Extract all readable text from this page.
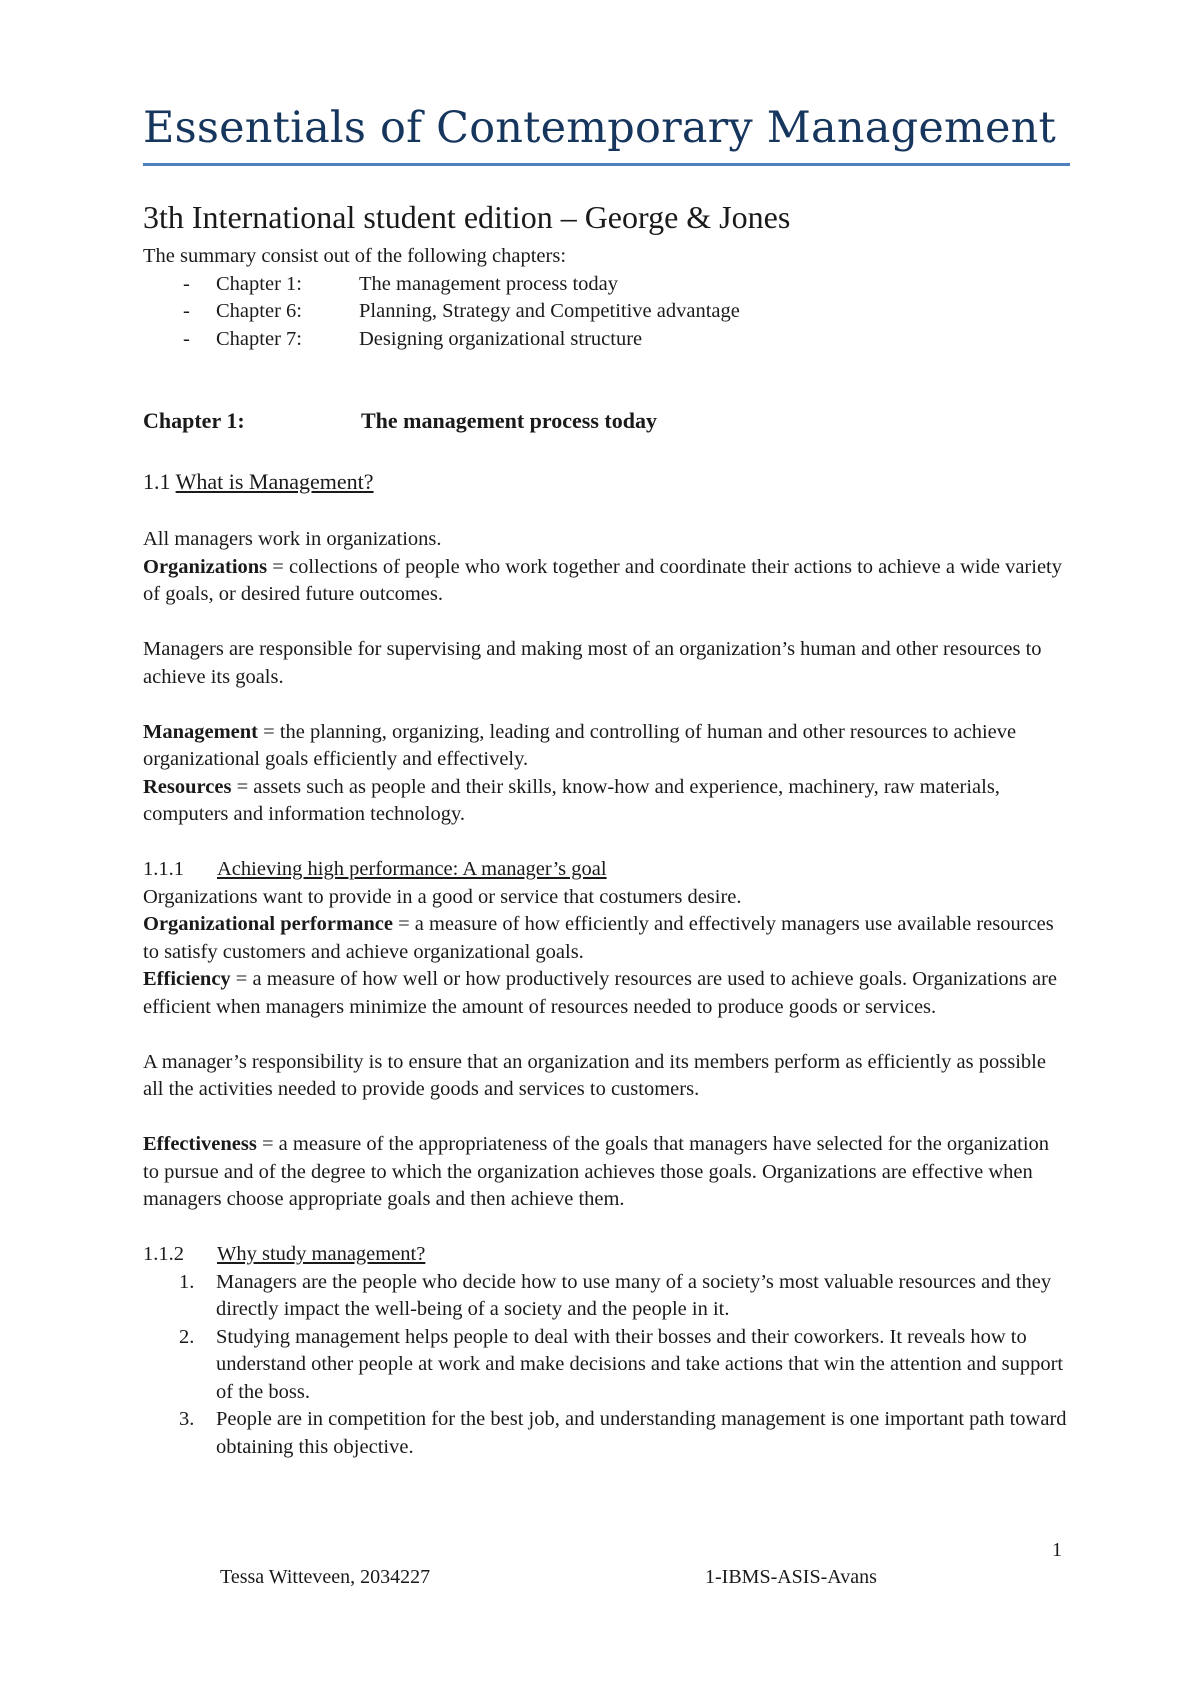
Essentials of Contemporary Management
3th International student edition – George & Jones

The summary consist out of the following chapters:

- Chapter 1:	The management process today
- Chapter 6:	Planning, Strategy and Competitive advantage
- Chapter 7:	Designing organizational structure
Chapter 1:	The management process today
1.1 What is Management?

All managers work in organizations.

Organizations = collections of people who work together and coordinate their actions to achieve a wide variety of goals, or desired future outcomes.

Managers are responsible for supervising and making most of an organization’s human and other resources to achieve its goals.

Management = the planning, organizing, leading and controlling of human and other resources to achieve organizational goals efficiently and effectively.

Resources = assets such as people and their skills, know-how and experience, machinery, raw materials, computers and information technology.

1.1.1 Achieving high performance: A manager’s goal

Organizations want to provide in a good or service that costumers desire.

Organizational performance = a measure of how efficiently and effectively managers use available resources to satisfy customers and achieve organizational goals.

Efficiency = a measure of how well or how productively resources are used to achieve goals. Organizations are efficient when managers minimize the amount of resources needed to produce goods or services.

A manager’s responsibility is to ensure that an organization and its members perform as efficiently as possible all the activities needed to provide goods and services to customers.

Effectiveness = a measure of the appropriateness of the goals that managers have selected for the organization to pursue and of the degree to which the organization achieves those goals. Organizations are effective when managers choose appropriate goals and then achieve them.

1.1.2 Why study management?

1. Managers are the people who decide how to use many of a society’s most valuable resources and they directly impact the well-being of a society and the people in it.
2. Studying management helps people to deal with their bosses and their coworkers. It reveals how to understand other people at work and make decisions and take actions that win the attention and support of the boss.
3. People are in competition for the best job, and understanding management is one important path toward obtaining this objective.
1
Tessa Witteveen, 2034227	1-IBMS-ASIS-Avans
